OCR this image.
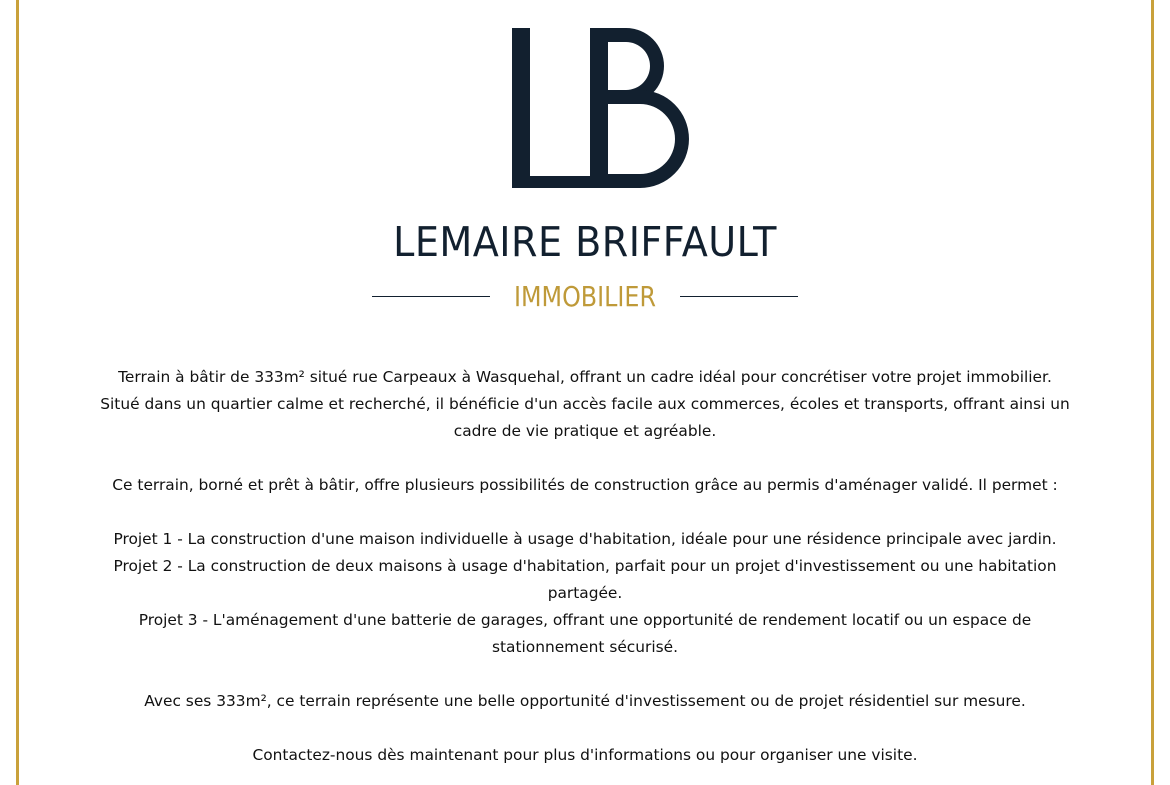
LEMAIRE BRIFFAULT
IMMOBILIER

Terrain à bâtir de 333m² situé rue Carpeaux à Wasquehal, offrant un cadre idéal pour concrétiser votre projet immobilier.

Situé dans un quartier calme et recherché, il bénéficie d'un accès facile aux commerces, écoles et transports, offrant ainsi un cadre de vie pratique et agréable.

Ce terrain, borné et prêt à bâtir, offre plusieurs possibilités de construction grâce au permis d'aménager validé. Il permet :

Projet 1 - La construction d'une maison individuelle à usage d'habitation, idéale pour une résidence principale avec jardin.

Projet 2 - La construction de deux maisons à usage d'habitation, parfait pour un projet d'investissement ou une habitation partagée.

Projet 3 - L'aménagement d'une batterie de garages, offrant une opportunité de rendement locatif ou un espace de stationnement sécurisé.

Avec ses 333m², ce terrain représente une belle opportunité d'investissement ou de projet résidentiel sur mesure.

Contactez-nous dès maintenant pour plus d'informations ou pour organiser une visite.
